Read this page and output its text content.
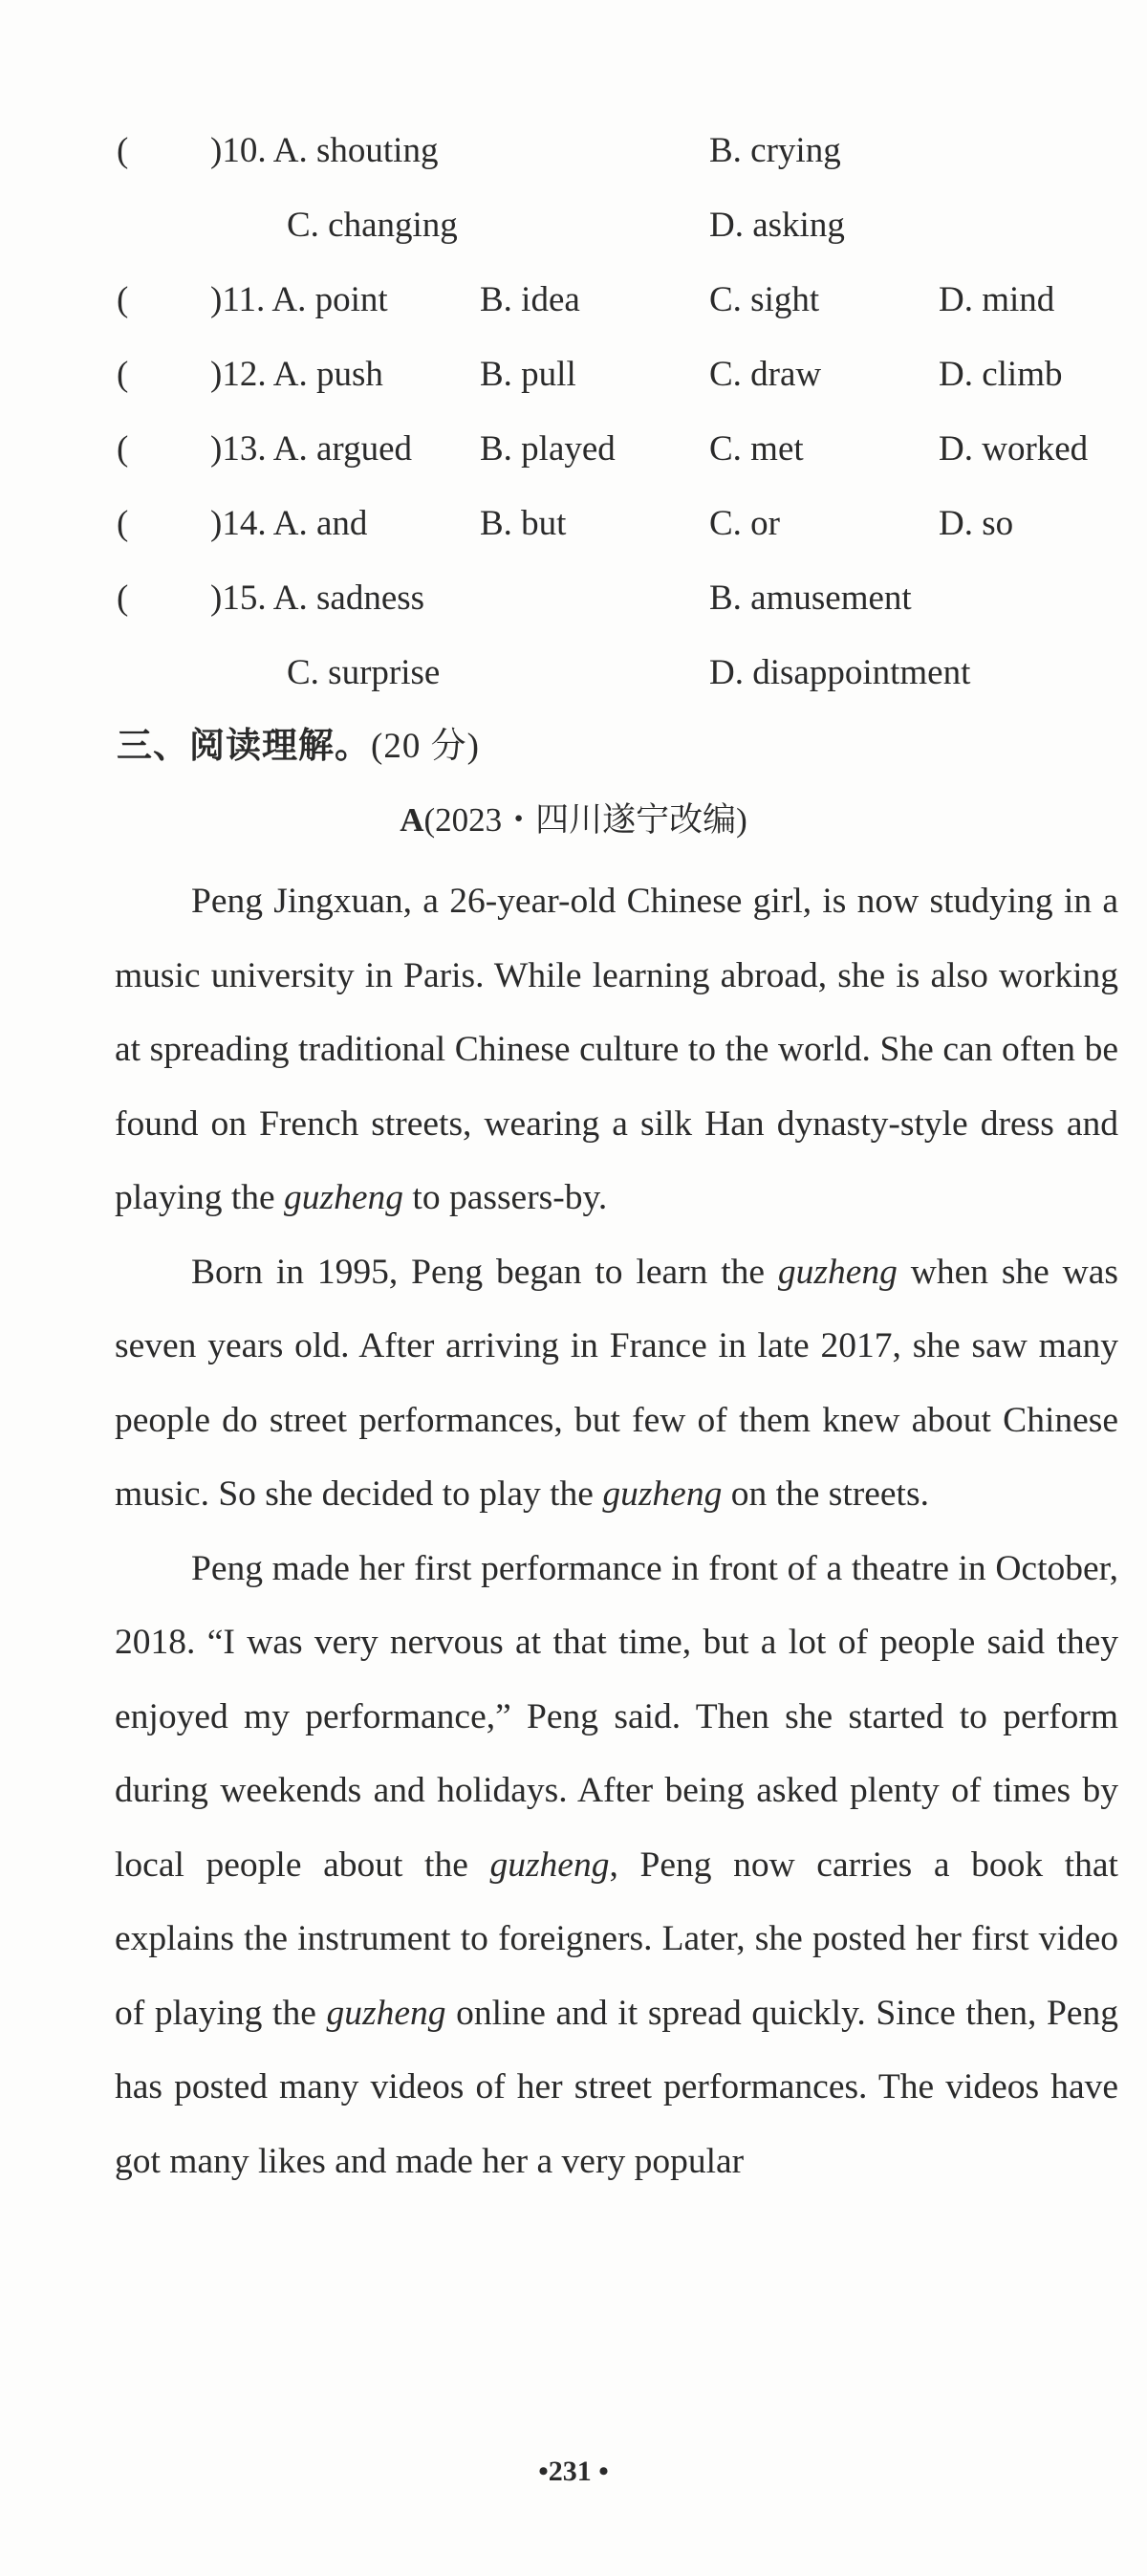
( )10. A. shouting	B. crying
C. changing	D. asking
( )11. A. point	B. idea	C. sight	D. mind
( )12. A. push	B. pull	C. draw	D. climb
( )13. A. argued B. played	C. met	D. worked
( )14. A. and	B. but	C. or	D. so
( )15. A. sadness	B. amusement
C. surprise	D. disappointment
三、阅读理解。(20 分)
A(2023・四川遂宁改编)

Peng Jingxuan, a 26-year-old Chinese girl, is now studying in a music university in Paris. While learning abroad, she is also working at spreading traditional Chinese culture to the world. She can often be found on French streets, wearing a silk Han dynasty-style dress and playing the guzheng to passers-by.

Born in 1995, Peng began to learn the guzheng when she was seven years old. After arriving in France in late 2017, she saw many people do street performances, but few of them knew about Chinese music. So she decided to play the guzheng on the streets.

Peng made her first performance in front of a theatre in October, 2018. “I was very nervous at that time, but a lot of people said they enjoyed my performance,” Peng said. Then she started to perform during weekends and holidays. After being asked plenty of times by local people about the guzheng, Peng now carries a book that explains the instrument to foreigners. Later, she posted her first video of playing the guzheng online and it spread quickly. Since then, Peng has posted many videos of her street performances. The videos have got many likes and made her a very popular

•231 •
